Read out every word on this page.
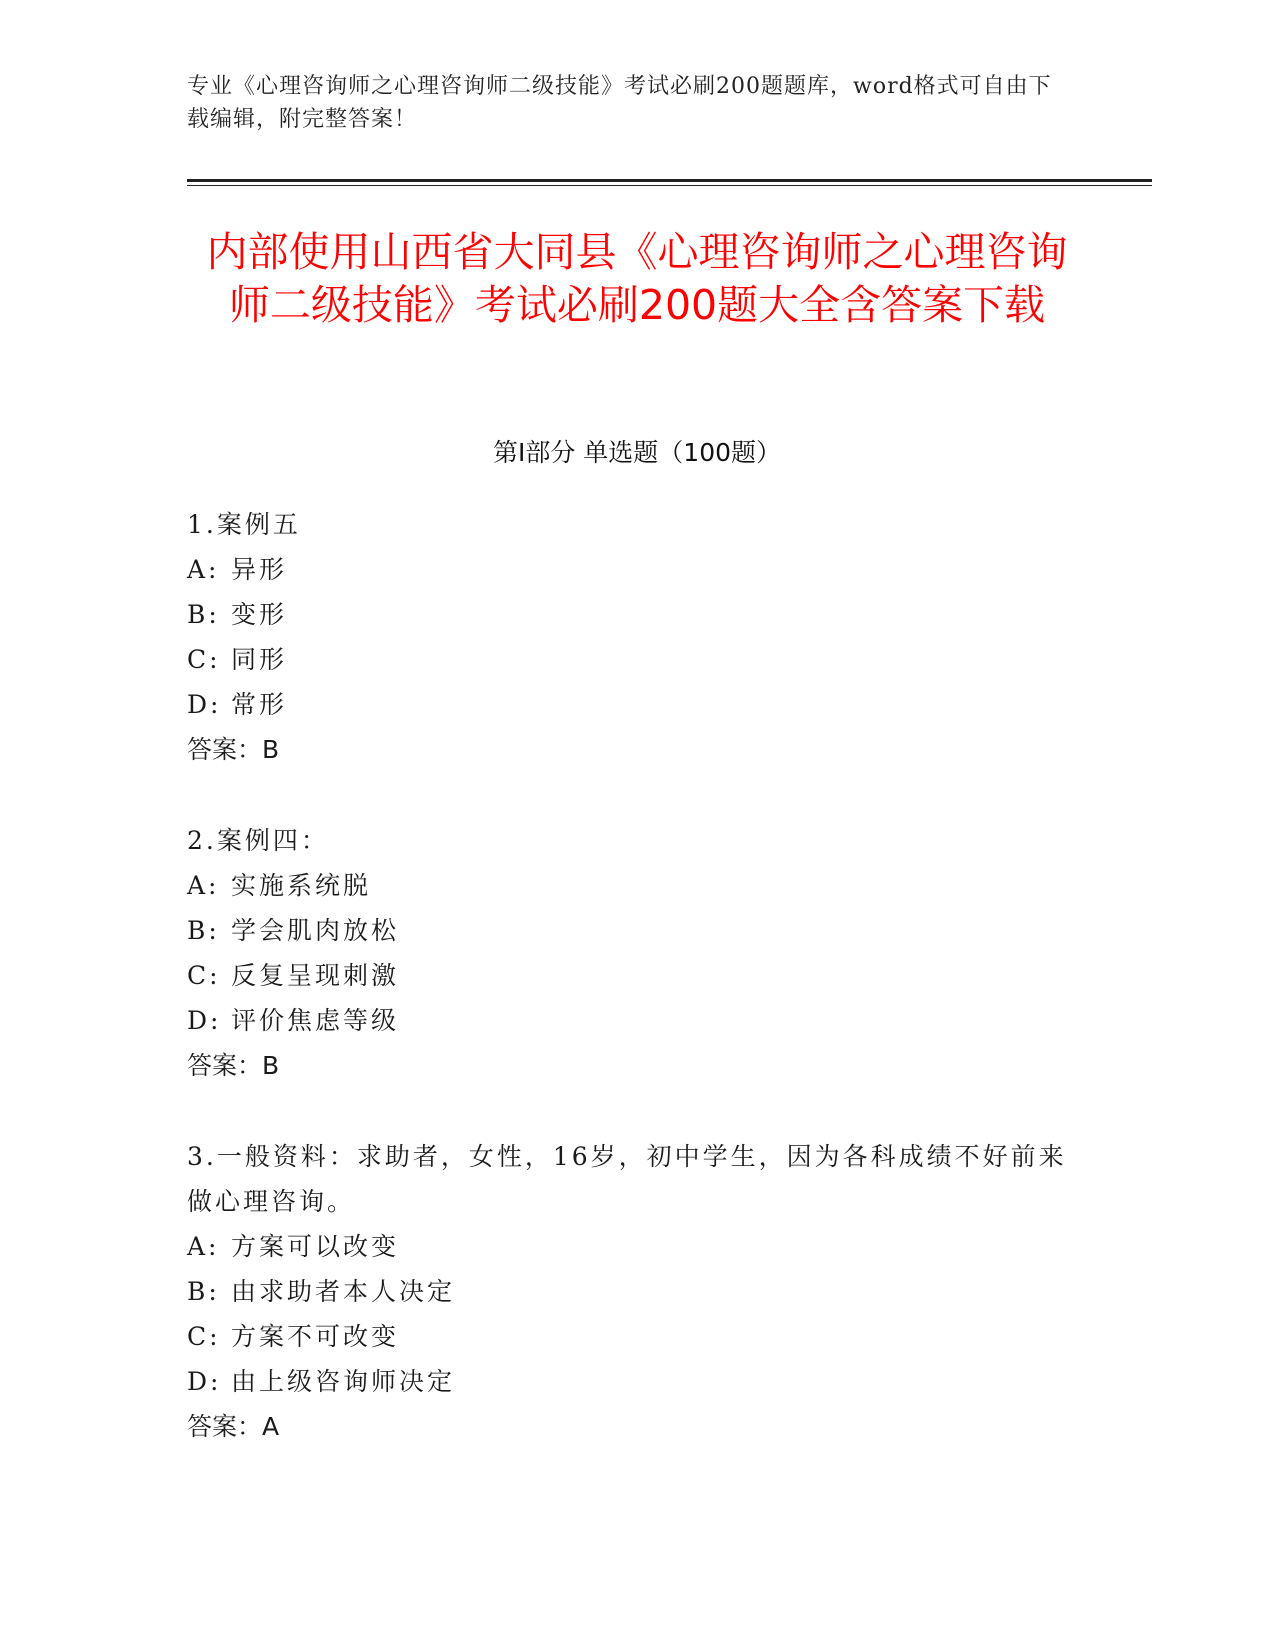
专业《心理咨询师之心理咨询师二级技能》考试必刷200题题库，word格式可自由下载编辑，附完整答案！
内部使用山西省大同县《心理咨询师之心理咨询师二级技能》考试必刷200题大全含答案下载
第Ⅰ部分 单选题（100题）
1.案例五
A: 异形
B: 变形
C: 同形
D: 常形
答案：B
2.案例四：
A: 实施系统脱
B: 学会肌肉放松
C: 反复呈现刺激
D: 评价焦虑等级
答案：B
3.一般资料：求助者，女性，16岁，初中学生，因为各科成绩不好前来做心理咨询。
A: 方案可以改变
B: 由求助者本人决定
C: 方案不可改变
D: 由上级咨询师决定
答案：A
